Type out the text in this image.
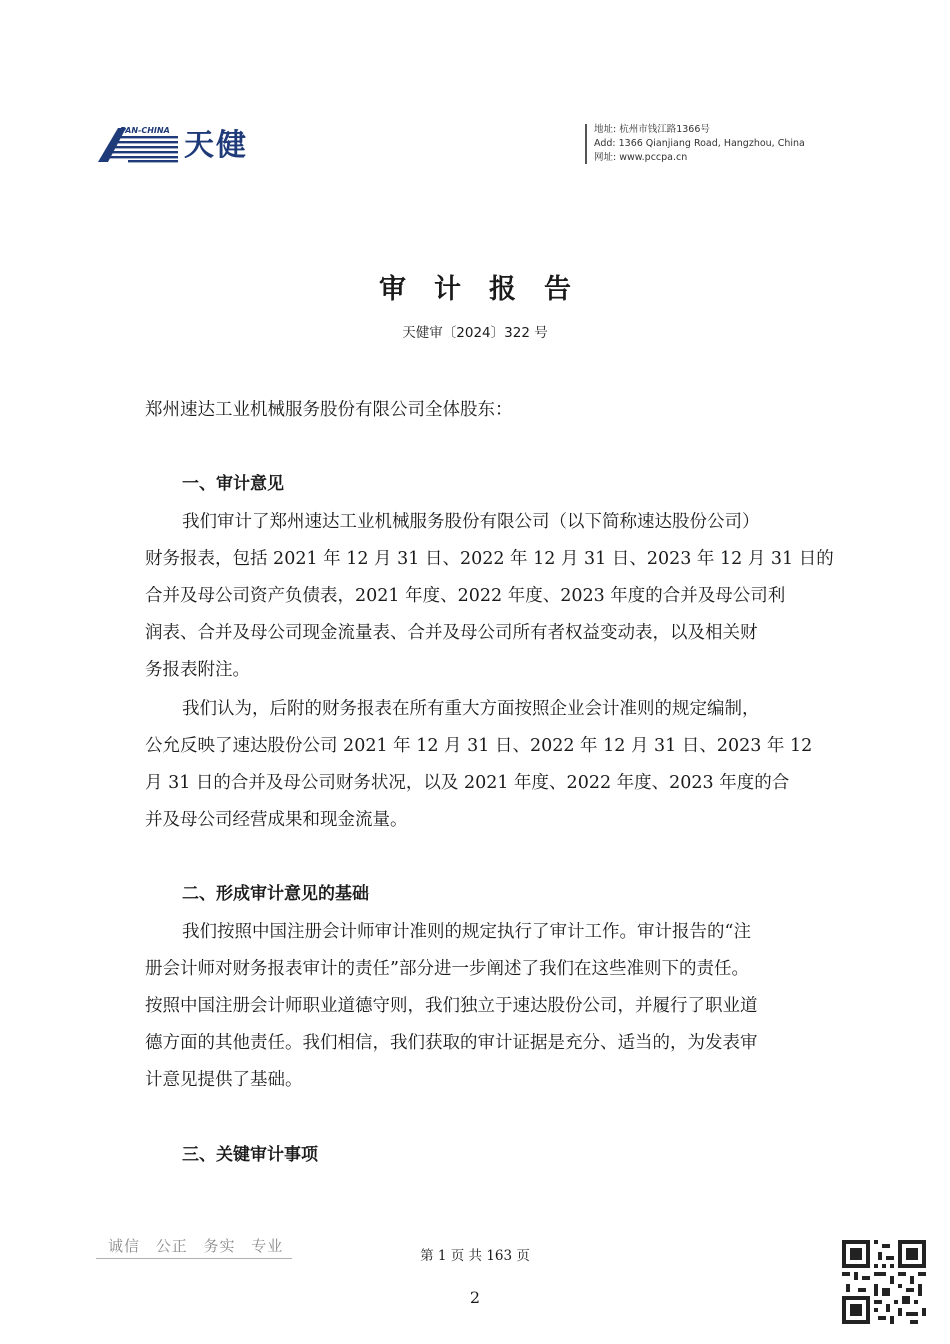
PAN-CHINA 天健	地址: 杭州市钱江路1366号
Add: 1366 Qianjiang Road, Hangzhou, China
网址: www.pccpa.cn
审计报告
天健审〔2024〕322 号
郑州速达工业机械服务股份有限公司全体股东：
一、审计意见
我们审计了郑州速达工业机械服务股份有限公司（以下简称速达股份公司）
财务报表，包括 2021 年 12 月 31 日、2022 年 12 月 31 日、2023 年 12 月 31 日的
合并及母公司资产负债表，2021 年度、2022 年度、2023 年度的合并及母公司利
润表、合并及母公司现金流量表、合并及母公司所有者权益变动表，以及相关财
务报表附注。
我们认为，后附的财务报表在所有重大方面按照企业会计准则的规定编制，
公允反映了速达股份公司 2021 年 12 月 31 日、2022 年 12 月 31 日、2023 年 12
月 31 日的合并及母公司财务状况，以及 2021 年度、2022 年度、2023 年度的合
并及母公司经营成果和现金流量。
二、形成审计意见的基础
我们按照中国注册会计师审计准则的规定执行了审计工作。审计报告的“注
册会计师对财务报表审计的责任”部分进一步阐述了我们在这些准则下的责任。
按照中国注册会计师职业道德守则，我们独立于速达股份公司，并履行了职业道
德方面的其他责任。我们相信，我们获取的审计证据是充分、适当的，为发表审
计意见提供了基础。
三、关键审计事项
诚信 公正 务实 专业
第 1 页 共 163 页
2
